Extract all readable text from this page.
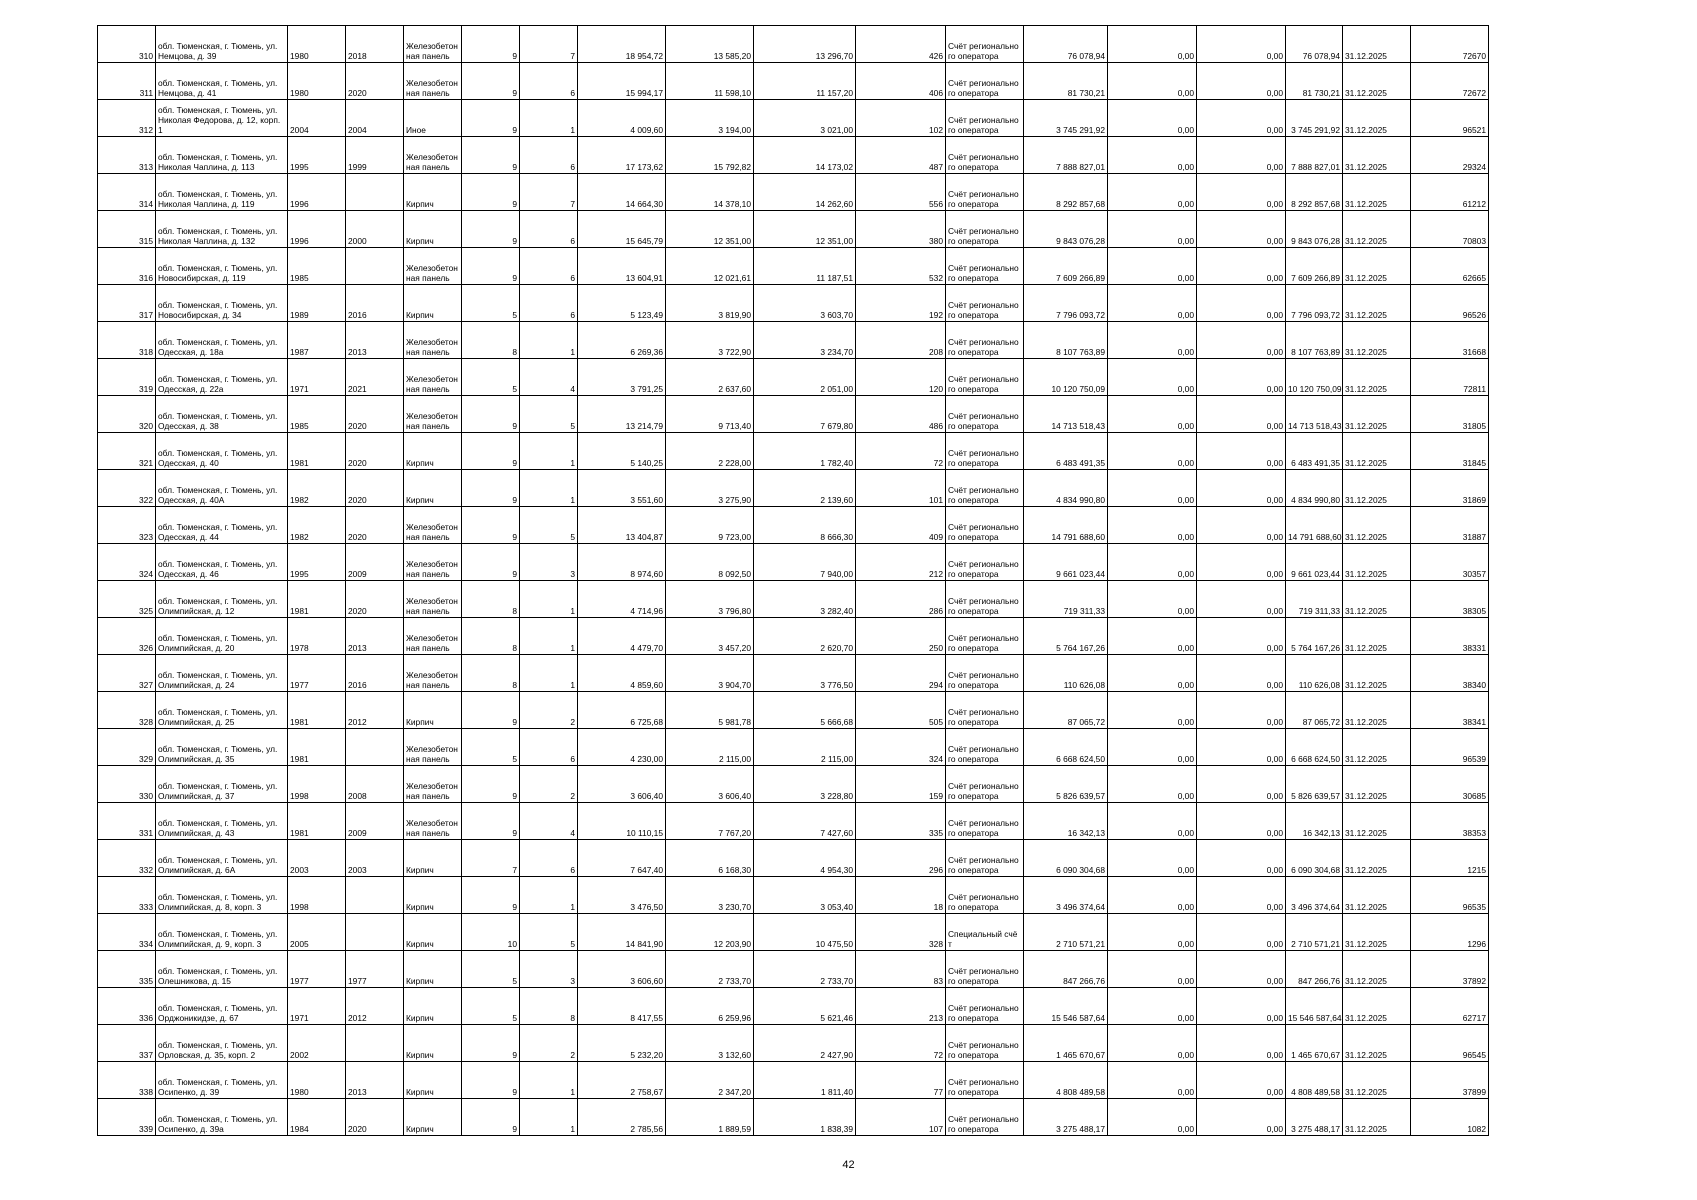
310	обл. Тюменская, г. Тюмень, ул. Немцова, д. 39	1980	2018	Железобетонная панель	9	7	18 954,72	13 585,20	13 296,70	426	Счёт регионального оператора	76 078,94	0,00	0,00	76 078,94	31.12.2025	72670
311	обл. Тюменская, г. Тюмень, ул. Немцова, д. 41	1980	2020	Железобетонная панель	9	6	15 994,17	11 598,10	11 157,20	406	Счёт регионального оператора	81 730,21	0,00	0,00	81 730,21	31.12.2025	72672
312	обл. Тюменская, г. Тюмень, ул. Николая Федорова, д. 12, корп. 1	2004	2004	Иное	9	1	4 009,60	3 194,00	3 021,00	102	Счёт регионального оператора	3 745 291,92	0,00	0,00	3 745 291,92	31.12.2025	96521
313	обл. Тюменская, г. Тюмень, ул. Николая Чаплина, д. 113	1995	1999	Железобетонная панель	9	6	17 173,62	15 792,82	14 173,02	487	Счёт регионального оператора	7 888 827,01	0,00	0,00	7 888 827,01	31.12.2025	29324
314	обл. Тюменская, г. Тюмень, ул. Николая Чаплина, д. 119	1996		Кирпич	9	7	14 664,30	14 378,10	14 262,60	556	Счёт регионального оператора	8 292 857,68	0,00	0,00	8 292 857,68	31.12.2025	61212
315	обл. Тюменская, г. Тюмень, ул. Николая Чаплина, д. 132	1996	2000	Кирпич	9	6	15 645,79	12 351,00	12 351,00	380	Счёт регионального оператора	9 843 076,28	0,00	0,00	9 843 076,28	31.12.2025	70803
316	обл. Тюменская, г. Тюмень, ул. Новосибирская, д. 119	1985		Железобетонная панель	9	6	13 604,91	12 021,61	11 187,51	532	Счёт регионального оператора	7 609 266,89	0,00	0,00	7 609 266,89	31.12.2025	62665
317	обл. Тюменская, г. Тюмень, ул. Новосибирская, д. 34	1989	2016	Кирпич	5	6	5 123,49	3 819,90	3 603,70	192	Счёт регионального оператора	7 796 093,72	0,00	0,00	7 796 093,72	31.12.2025	96526
318	обл. Тюменская, г. Тюмень, ул. Одесская, д. 18а	1987	2013	Железобетонная панель	8	1	6 269,36	3 722,90	3 234,70	208	Счёт регионального оператора	8 107 763,89	0,00	0,00	8 107 763,89	31.12.2025	31668
319	обл. Тюменская, г. Тюмень, ул. Одесская, д. 22а	1971	2021	Железобетонная панель	5	4	3 791,25	2 637,60	2 051,00	120	Счёт регионального оператора	10 120 750,09	0,00	0,00	10 120 750,09	31.12.2025	72811
320	обл. Тюменская, г. Тюмень, ул. Одесская, д. 38	1985	2020	Железобетонная панель	9	5	13 214,79	9 713,40	7 679,80	486	Счёт регионального оператора	14 713 518,43	0,00	0,00	14 713 518,43	31.12.2025	31805
321	обл. Тюменская, г. Тюмень, ул. Одесская, д. 40	1981	2020	Кирпич	9	1	5 140,25	2 228,00	1 782,40	72	Счёт регионального оператора	6 483 491,35	0,00	0,00	6 483 491,35	31.12.2025	31845
322	обл. Тюменская, г. Тюмень, ул. Одесская, д. 40А	1982	2020	Кирпич	9	1	3 551,60	3 275,90	2 139,60	101	Счёт регионального оператора	4 834 990,80	0,00	0,00	4 834 990,80	31.12.2025	31869
323	обл. Тюменская, г. Тюмень, ул. Одесская, д. 44	1982	2020	Железобетонная панель	9	5	13 404,87	9 723,00	8 666,30	409	Счёт регионального оператора	14 791 688,60	0,00	0,00	14 791 688,60	31.12.2025	31887
324	обл. Тюменская, г. Тюмень, ул. Одесская, д. 46	1995	2009	Железобетонная панель	9	3	8 974,60	8 092,50	7 940,00	212	Счёт регионального оператора	9 661 023,44	0,00	0,00	9 661 023,44	31.12.2025	30357
325	обл. Тюменская, г. Тюмень, ул. Олимпийская, д. 12	1981	2020	Железобетонная панель	8	1	4 714,96	3 796,80	3 282,40	286	Счёт регионального оператора	719 311,33	0,00	0,00	719 311,33	31.12.2025	38305
326	обл. Тюменская, г. Тюмень, ул. Олимпийская, д. 20	1978	2013	Железобетонная панель	8	1	4 479,70	3 457,20	2 620,70	250	Счёт регионального оператора	5 764 167,26	0,00	0,00	5 764 167,26	31.12.2025	38331
327	обл. Тюменская, г. Тюмень, ул. Олимпийская, д. 24	1977	2016	Железобетонная панель	8	1	4 859,60	3 904,70	3 776,50	294	Счёт регионального оператора	110 626,08	0,00	0,00	110 626,08	31.12.2025	38340
328	обл. Тюменская, г. Тюмень, ул. Олимпийская, д. 25	1981	2012	Кирпич	9	2	6 725,68	5 981,78	5 666,68	505	Счёт регионального оператора	87 065,72	0,00	0,00	87 065,72	31.12.2025	38341
329	обл. Тюменская, г. Тюмень, ул. Олимпийская, д. 35	1981		Железобетонная панель	5	6	4 230,00	2 115,00	2 115,00	324	Счёт регионального оператора	6 668 624,50	0,00	0,00	6 668 624,50	31.12.2025	96539
330	обл. Тюменская, г. Тюмень, ул. Олимпийская, д. 37	1998	2008	Железобетонная панель	9	2	3 606,40	3 606,40	3 228,80	159	Счёт регионального оператора	5 826 639,57	0,00	0,00	5 826 639,57	31.12.2025	30685
331	обл. Тюменская, г. Тюмень, ул. Олимпийская, д. 43	1981	2009	Железобетонная панель	9	4	10 110,15	7 767,20	7 427,60	335	Счёт регионального оператора	16 342,13	0,00	0,00	16 342,13	31.12.2025	38353
332	обл. Тюменская, г. Тюмень, ул. Олимпийская, д. 6А	2003	2003	Кирпич	7	6	7 647,40	6 168,30	4 954,30	296	Счёт регионального оператора	6 090 304,68	0,00	0,00	6 090 304,68	31.12.2025	1215
333	обл. Тюменская, г. Тюмень, ул. Олимпийская, д. 8, корп. 3	1998		Кирпич	9	1	3 476,50	3 230,70	3 053,40	18	Счёт регионального оператора	3 496 374,64	0,00	0,00	3 496 374,64	31.12.2025	96535
334	обл. Тюменская, г. Тюмень, ул. Олимпийская, д. 9, корп. 3	2005		Кирпич	10	5	14 841,90	12 203,90	10 475,50	328	Специальный счёт	2 710 571,21	0,00	0,00	2 710 571,21	31.12.2025	1296
335	обл. Тюменская, г. Тюмень, ул. Олешникова, д. 15	1977	1977	Кирпич	5	3	3 606,60	2 733,70	2 733,70	83	Счёт регионального оператора	847 266,76	0,00	0,00	847 266,76	31.12.2025	37892
336	обл. Тюменская, г. Тюмень, ул. Орджоникидзе, д. 67	1971	2012	Кирпич	5	8	8 417,55	6 259,96	5 621,46	213	Счёт регионального оператора	15 546 587,64	0,00	0,00	15 546 587,64	31.12.2025	62717
337	обл. Тюменская, г. Тюмень, ул. Орловская, д. 35, корп. 2	2002		Кирпич	9	2	5 232,20	3 132,60	2 427,90	72	Счёт регионального оператора	1 465 670,67	0,00	0,00	1 465 670,67	31.12.2025	96545
338	обл. Тюменская, г. Тюмень, ул. Осипенко, д. 39	1980	2013	Кирпич	9	1	2 758,67	2 347,20	1 811,40	77	Счёт регионального оператора	4 808 489,58	0,00	0,00	4 808 489,58	31.12.2025	37899
339	обл. Тюменская, г. Тюмень, ул. Осипенко, д. 39а	1984	2020	Кирпич	9	1	2 785,56	1 889,59	1 838,39	107	Счёт регионального оператора	3 275 488,17	0,00	0,00	3 275 488,17	31.12.2025	1082
42
